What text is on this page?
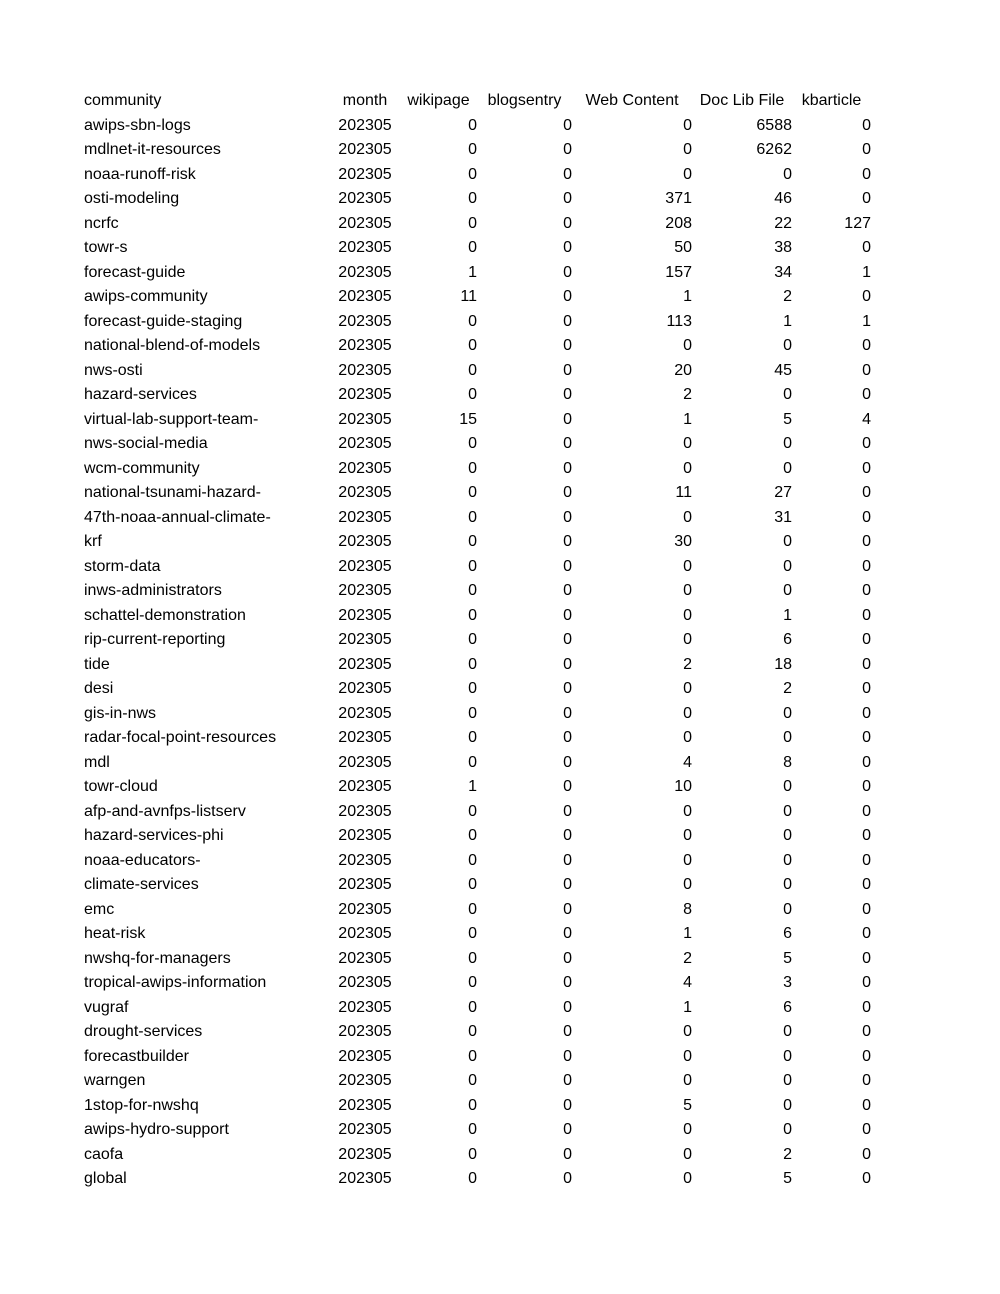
community	month	wikipage	blogsentry	Web Content	Doc Lib File	kbarticle
awips-sbn-logs	202305	0	0	0	6588	0
mdlnet-it-resources	202305	0	0	0	6262	0
noaa-runoff-risk	202305	0	0	0	0	0
osti-modeling	202305	0	0	371	46	0
ncrfc	202305	0	0	208	22	127
towr-s	202305	0	0	50	38	0
forecast-guide	202305	1	0	157	34	1
awips-community	202305	11	0	1	2	0
forecast-guide-staging	202305	0	0	113	1	1
national-blend-of-models	202305	0	0	0	0	0
nws-osti	202305	0	0	20	45	0
hazard-services	202305	0	0	2	0	0
virtual-lab-support-team-	202305	15	0	1	5	4
nws-social-media	202305	0	0	0	0	0
wcm-community	202305	0	0	0	0	0
national-tsunami-hazard-	202305	0	0	11	27	0
47th-noaa-annual-climate-	202305	0	0	0	31	0
krf	202305	0	0	30	0	0
storm-data	202305	0	0	0	0	0
inws-administrators	202305	0	0	0	0	0
schattel-demonstration	202305	0	0	0	1	0
rip-current-reporting	202305	0	0	0	6	0
tide	202305	0	0	2	18	0
desi	202305	0	0	0	2	0
gis-in-nws	202305	0	0	0	0	0
radar-focal-point-resources	202305	0	0	0	0	0
mdl	202305	0	0	4	8	0
towr-cloud	202305	1	0	10	0	0
afp-and-avnfps-listserv	202305	0	0	0	0	0
hazard-services-phi	202305	0	0	0	0	0
noaa-educators-	202305	0	0	0	0	0
climate-services	202305	0	0	0	0	0
emc	202305	0	0	8	0	0
heat-risk	202305	0	0	1	6	0
nwshq-for-managers	202305	0	0	2	5	0
tropical-awips-information	202305	0	0	4	3	0
vugraf	202305	0	0	1	6	0
drought-services	202305	0	0	0	0	0
forecastbuilder	202305	0	0	0	0	0
warngen	202305	0	0	0	0	0
1stop-for-nwshq	202305	0	0	5	0	0
awips-hydro-support	202305	0	0	0	0	0
caofa	202305	0	0	0	2	0
global	202305	0	0	0	5	0
